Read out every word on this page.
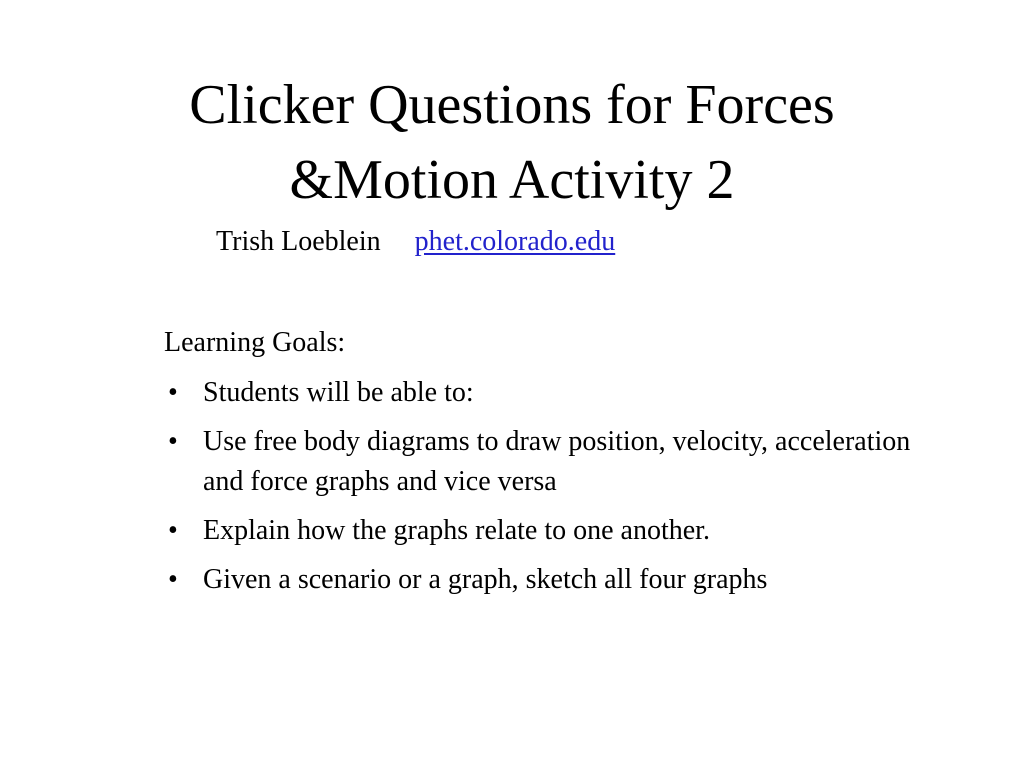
Clicker Questions for Forces
&Motion Activity 2
Trish Loeblein phet.colorado.edu
Learning Goals:
• Students will be able to:
• Use free body diagrams to draw position, velocity, acceleration and force graphs and vice versa
• Explain how the graphs relate to one another.
• Given a scenario or a graph, sketch all four graphs
